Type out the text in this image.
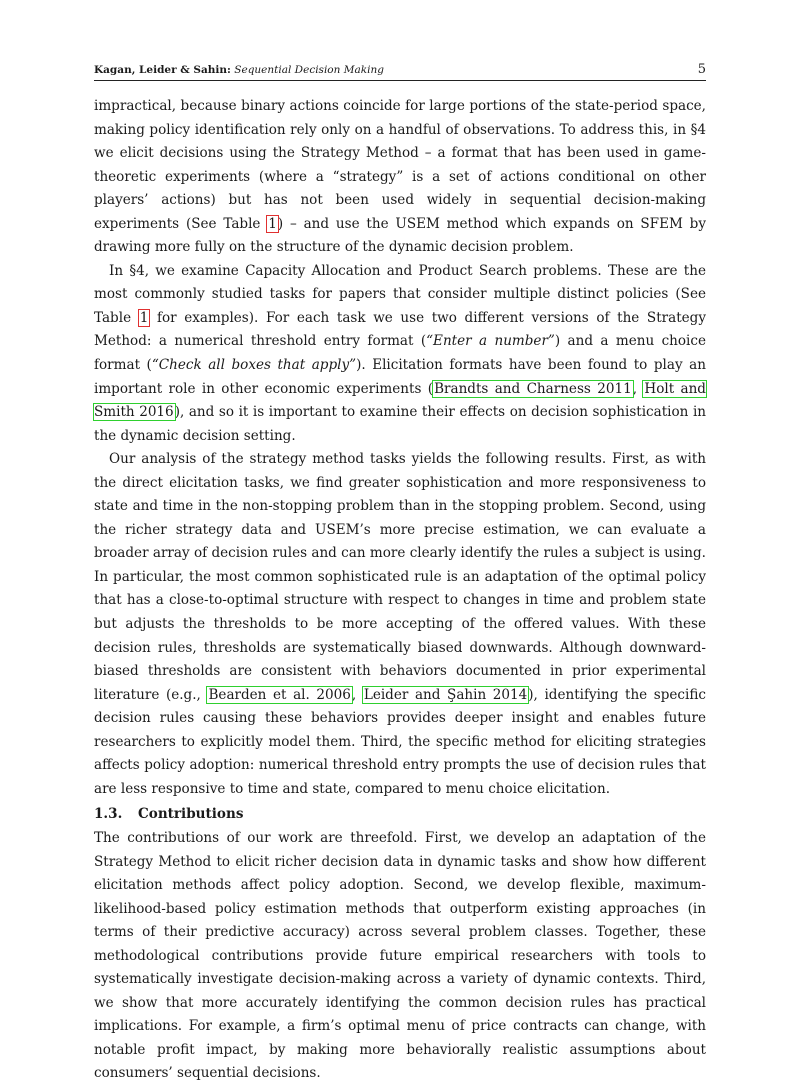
Kagan, Leider & Sahin: Sequential Decision Making	5

impractical, because binary actions coincide for large portions of the state-period space, making policy identification rely only on a handful of observations. To address this, in §4 we elicit decisions using the Strategy Method – a format that has been used in game-theoretic experiments (where a “strategy” is a set of actions conditional on other players’ actions) but has not been used widely in sequential decision-making experiments (See Table 1) – and use the USEM method which expands on SFEM by drawing more fully on the structure of the dynamic decision problem.

In §4, we examine Capacity Allocation and Product Search problems. These are the most commonly studied tasks for papers that consider multiple distinct policies (See Table 1 for examples). For each task we use two different versions of the Strategy Method: a numerical threshold entry format (“Enter a number”) and a menu choice format (“Check all boxes that apply”). Elicitation formats have been found to play an important role in other economic experiments (Brandts and Charness 2011, Holt and Smith 2016), and so it is important to examine their effects on decision sophistication in the dynamic decision setting.

Our analysis of the strategy method tasks yields the following results. First, as with the direct elicitation tasks, we find greater sophistication and more responsiveness to state and time in the non-stopping problem than in the stopping problem. Second, using the richer strategy data and USEM’s more precise estimation, we can evaluate a broader array of decision rules and can more clearly identify the rules a subject is using. In particular, the most common sophisticated rule is an adaptation of the optimal policy that has a close-to-optimal structure with respect to changes in time and problem state but adjusts the thresholds to be more accepting of the offered values. With these decision rules, thresholds are systematically biased downwards. Although downward-biased thresholds are consistent with behaviors documented in prior experimental literature (e.g., Bearden et al. 2006, Leider and Şahin 2014), identifying the specific decision rules causing these behaviors provides deeper insight and enables future researchers to explicitly model them. Third, the specific method for eliciting strategies affects policy adoption: numerical threshold entry prompts the use of decision rules that are less responsive to time and state, compared to menu choice elicitation.

1.3. Contributions

The contributions of our work are threefold. First, we develop an adaptation of the Strategy Method to elicit richer decision data in dynamic tasks and show how different elicitation methods affect policy adoption. Second, we develop flexible, maximum-likelihood-based policy estimation methods that outperform existing approaches (in terms of their predictive accuracy) across several problem classes. Together, these methodological contributions provide future empirical researchers with tools to systematically investigate decision-making across a variety of dynamic contexts. Third, we show that more accurately identifying the common decision rules has practical implications. For example, a firm’s optimal menu of price contracts can change, with notable profit impact, by making more behaviorally realistic assumptions about consumers’ sequential decisions.
